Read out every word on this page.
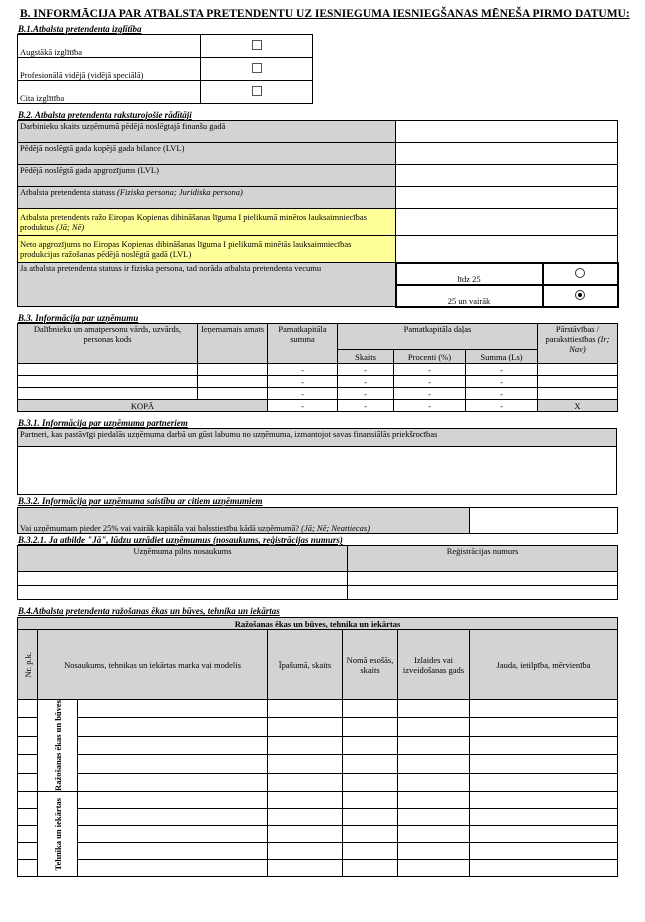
B. INFORMĀCIJA PAR ATBALSTA PRETENDENTU UZ IESNIEGUMA IESNIEGŠANAS MĒNEŠA PIRMO DATUMU:
B.1.Atbalsta pretendenta izglītība
Augstākā izglītība	
Profesionālā vidējā (vidējā speciālā)	
Cita izglītība	
B.2. Atbalsta pretendenta raksturojošie rādītāji
Darbinieku skaits uzņēmumā pēdējā noslēgtajā finanšu gadā		
Pēdējā noslēgtā gada kopējā gada bilance (LVL)		
Pēdējā noslēgtā gada apgrozījums (LVL)		
Atbalsta pretendenta statuss (Fiziska persona; Juridiska persona)		
Atbalsta pretendents ražo Eiropas Kopienas dibināšanas līguma I pielikumā minētos lauksaimniecības produktus (Jā; Nē)		
Neto apgrozījums no Eiropas Kopienas dibināšanas līguma I pielikumā minētās lauksaimniecības produkcijas ražošanas pēdējā noslēgtā gadā (LVL)		
Ja atbalsta pretendenta statuss ir fiziska persona, tad norāda atbalsta pretendenta vecumu	līdz 25	
	25 un vairāk	
B.3. Informācija par uzņēmumu
Dalībnieku un amatpersonu vārds, uzvārds, personas kods	Ieņemamais amats	Pamatkapitāla summa	Pamatkapitāla daļas			Pārstāvības / paraksttiesības (Ir; Nav)
			Skaits	Procenti (%)	Summa (Ls)	
		-	-	-	-	
		-	-	-	-	
		-	-	-	-	
KOPĀ		-	-	-	-	X
B.3.1. Informācija par uzņēmuma partneriem
Partneri, kas pastāvīgi piedalās uzņēmuma darbā un gūst labumu no uzņēmuma, izmantojot savas finansiālās priekšrocības

B.3.2. Informācija par uzņēmuma saistību ar citiem uzņēmumiem
Vai uzņēmumam pieder 25% vai vairāk kapitāla vai balsstiesību kādā uzņēmumā? (Jā; Nē; Neattiecas)	
B.3.2.1. Ja atbilde "Jā", lūdzu uzrādiet uzņēmumus (nosaukums, reģistrācijas numurs)
Uzņēmuma pilns nosaukums	Reģistrācijas numurs

B.4.Atbalsta pretendenta ražošanas ēkas un būves, tehnika un iekārtas
Ražošanas ēkas un būves, tehnika un iekārtas						

Nr. p.k.	Nosaukums, tehnikas un iekārtas marka vai modelis		Īpašumā, skaits	Nomā esošās, skaits	Izlaides vai izveidošanas gads	Jauda, ietilpība, mērvienība

	Ražošanas ēkas un būves					

	Tehnika un iekārtas					
